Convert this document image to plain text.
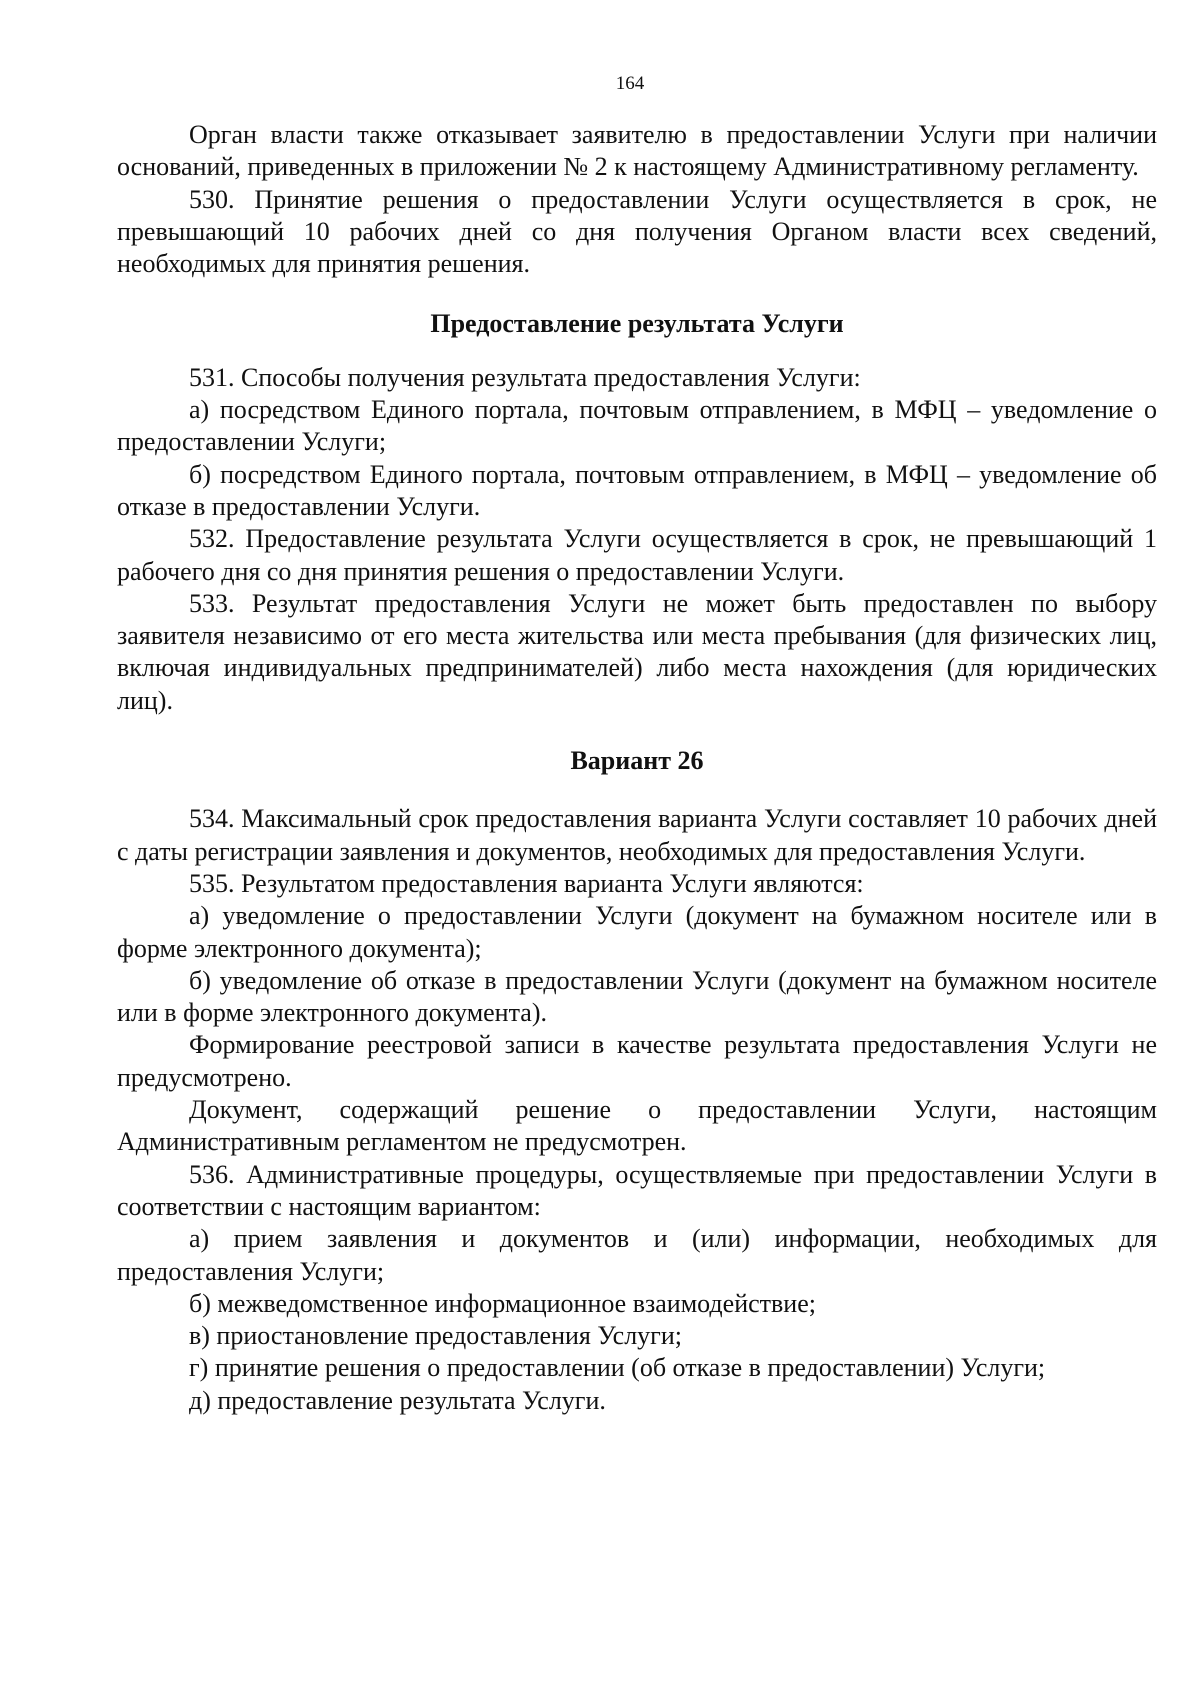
164

Орган власти также отказывает заявителю в предоставлении Услуги при наличии оснований, приведенных в приложении № 2 к настоящему Административному регламенту.

530. Принятие решения о предоставлении Услуги осуществляется в срок, не превышающий 10 рабочих дней со дня получения Органом власти всех сведений, необходимых для принятия решения.

Предоставление результата Услуги

531. Способы получения результата предоставления Услуги:

а) посредством Единого портала, почтовым отправлением, в МФЦ – уведомление о предоставлении Услуги;

б) посредством Единого портала, почтовым отправлением, в МФЦ – уведомление об отказе в предоставлении Услуги.

532. Предоставление результата Услуги осуществляется в срок, не превышающий 1 рабочего дня со дня принятия решения о предоставлении Услуги.

533. Результат предоставления Услуги не может быть предоставлен по выбору заявителя независимо от его места жительства или места пребывания (для физических лиц, включая индивидуальных предпринимателей) либо места нахождения (для юридических лиц).

Вариант 26

534. Максимальный срок предоставления варианта Услуги составляет 10 рабочих дней с даты регистрации заявления и документов, необходимых для предоставления Услуги.

535. Результатом предоставления варианта Услуги являются:

а) уведомление о предоставлении Услуги (документ на бумажном носителе или в форме электронного документа);

б) уведомление об отказе в предоставлении Услуги (документ на бумажном носителе или в форме электронного документа).

Формирование реестровой записи в качестве результата предоставления Услуги не предусмотрено.

Документ, содержащий решение о предоставлении Услуги, настоящим Административным регламентом не предусмотрен.

536. Административные процедуры, осуществляемые при предоставлении Услуги в соответствии с настоящим вариантом:

а) прием заявления и документов и (или) информации, необходимых для предоставления Услуги;

б) межведомственное информационное взаимодействие;

в) приостановление предоставления Услуги;

г) принятие решения о предоставлении (об отказе в предоставлении) Услуги;

д) предоставление результата Услуги.
